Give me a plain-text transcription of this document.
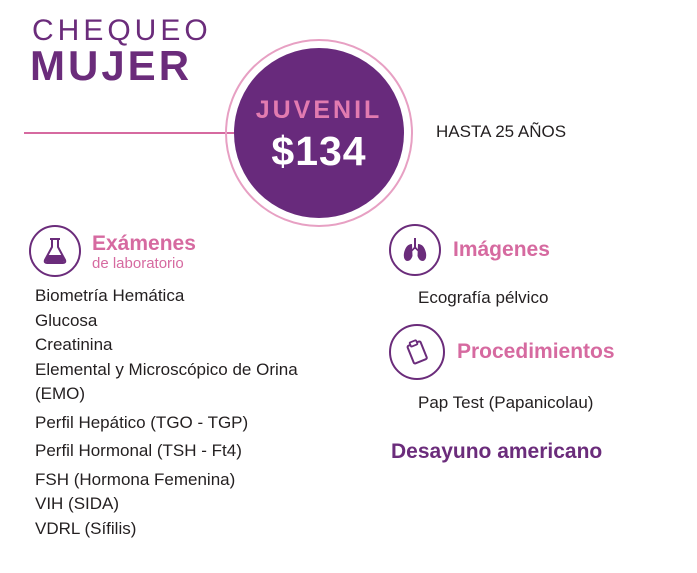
CHEQUEO
MUJER
JUVENIL
$134	HASTA 25 AÑOS
Exámenes
de laboratorio
Biometría Hemática
Glucosa
Creatinina
Elemental y Microscópico de Orina (EMO)
Perfil Hepático (TGO - TGP)
Perfil Hormonal (TSH - Ft4)
FSH (Hormona Femenina)
VIH (SIDA)
VDRL (Sífilis)
Imágenes
Ecografía pélvico
Procedimientos
Pap Test (Papanicolau)
Desayuno americano
